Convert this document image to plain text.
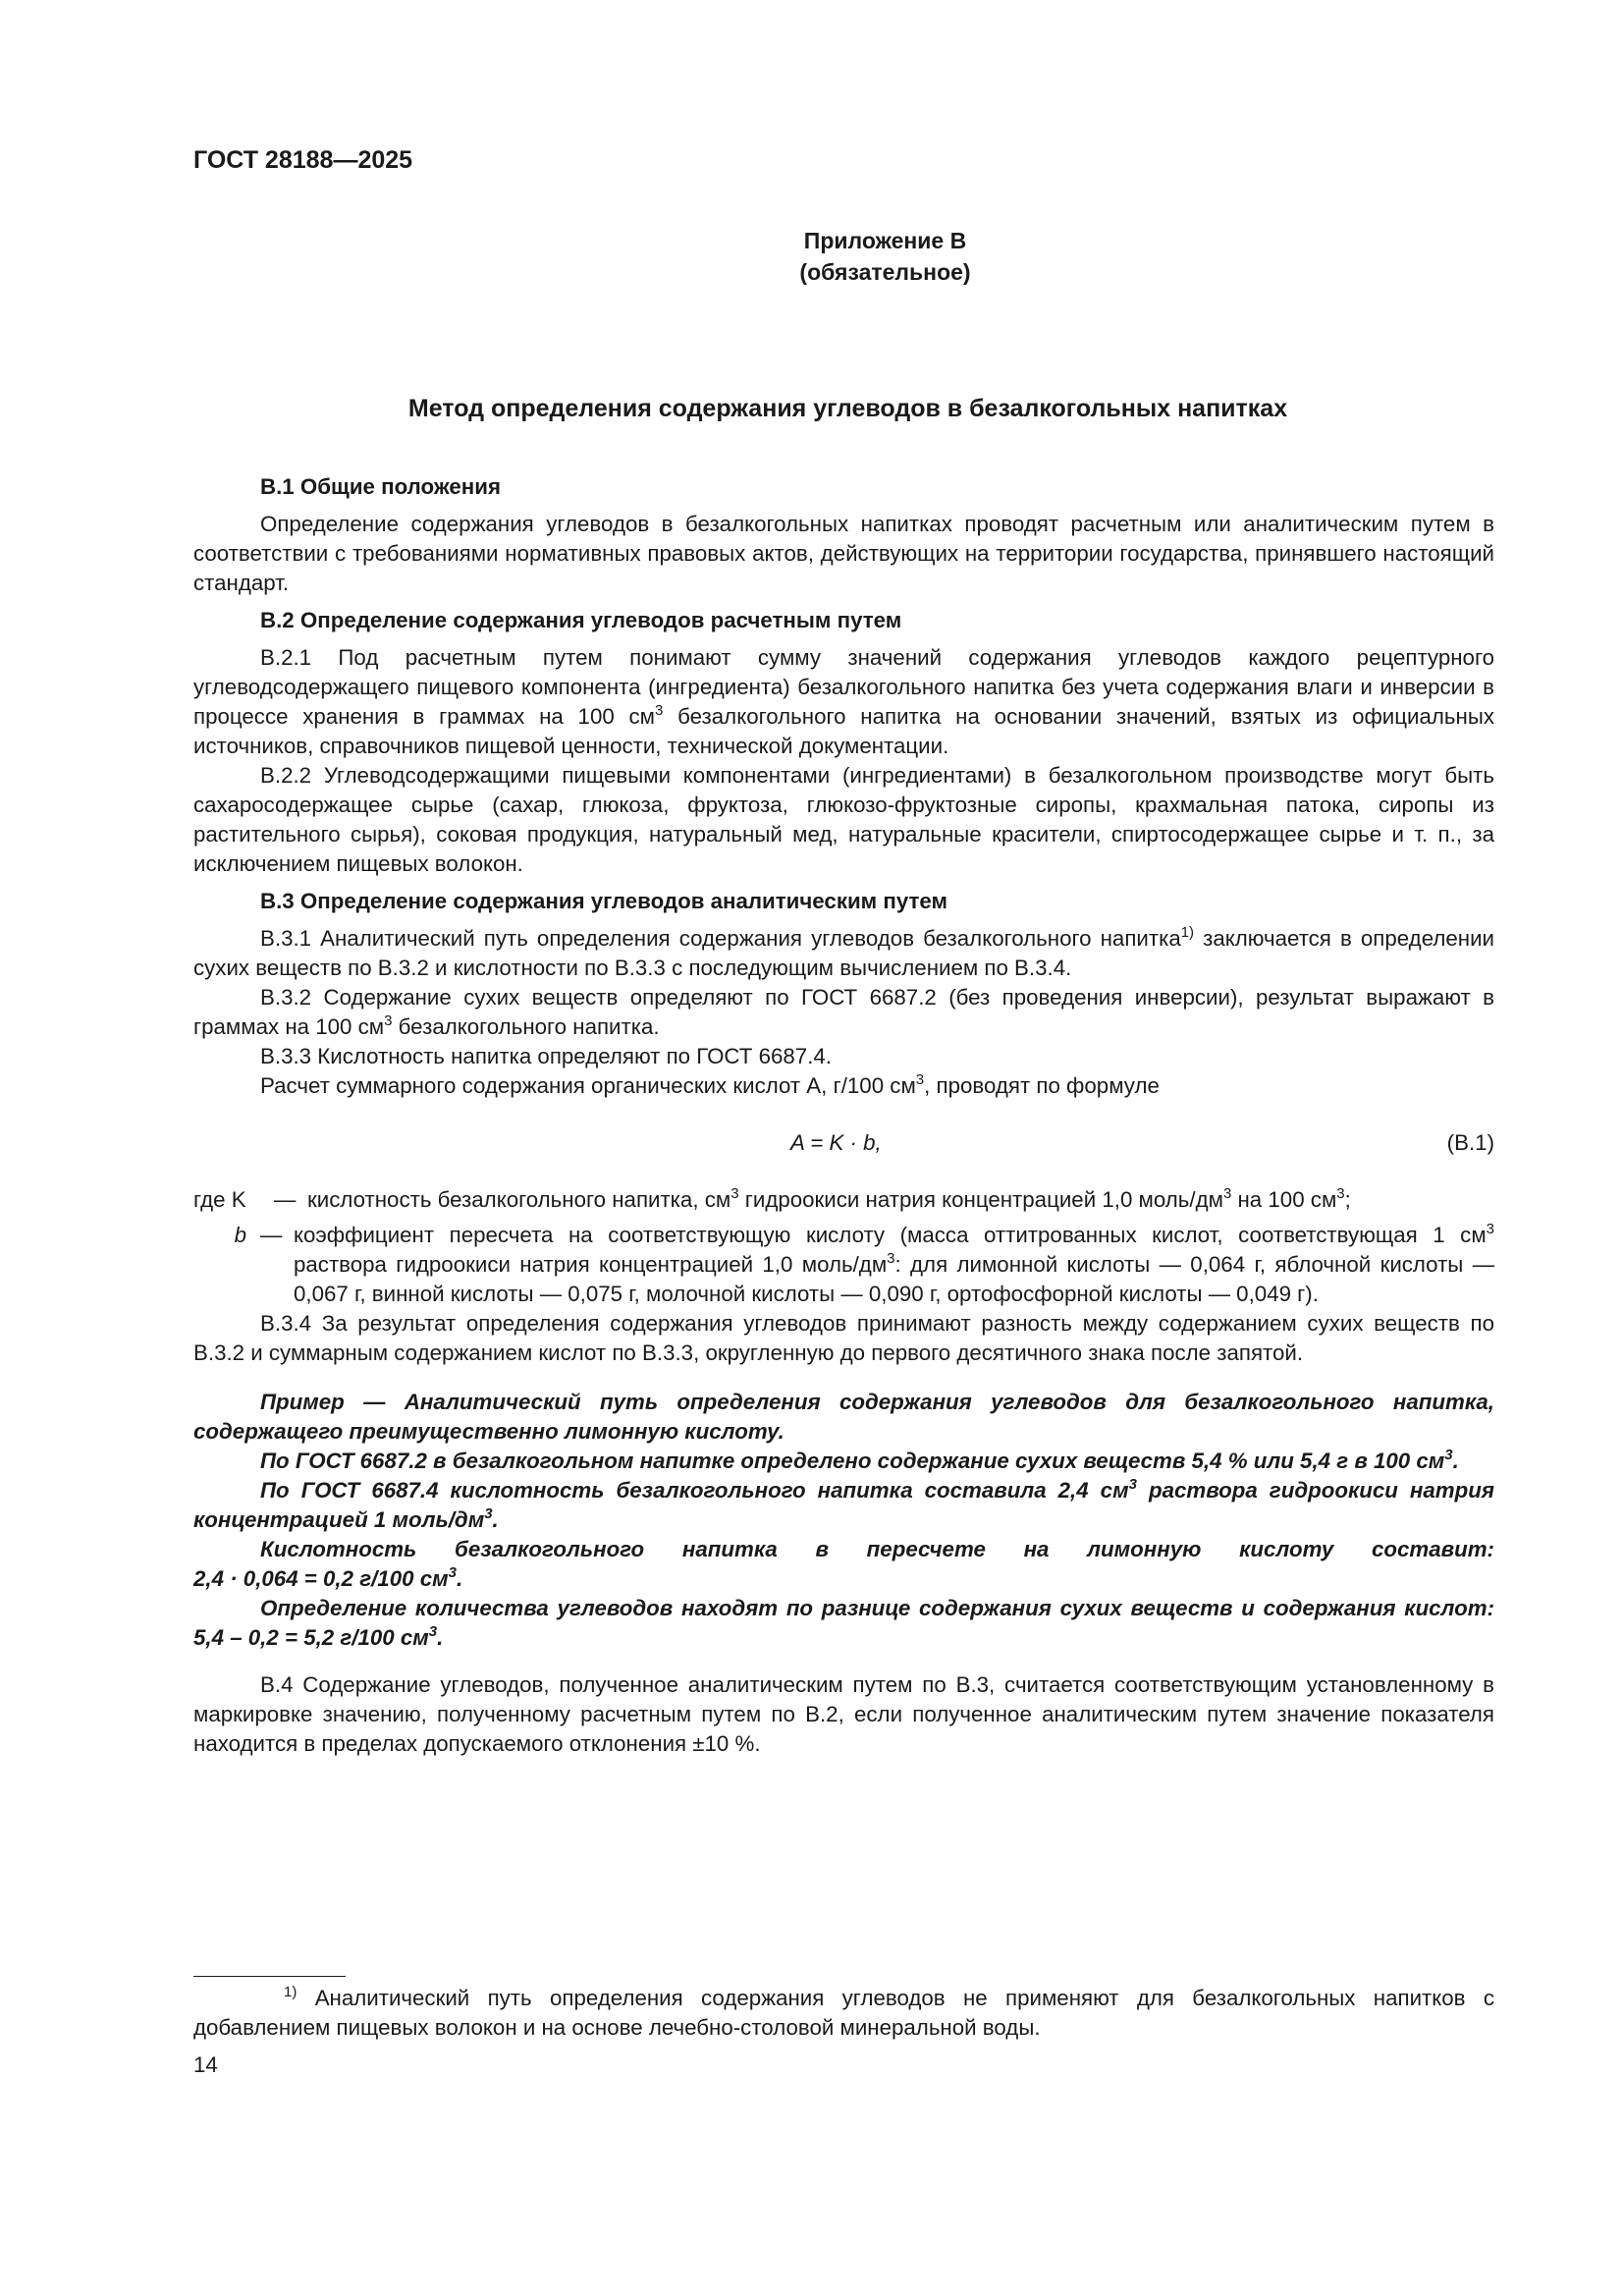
ГОСТ 28188—2025
Приложение В
(обязательное)
Метод определения содержания углеводов в безалкогольных напитках

В.1 Общие положения

Определение содержания углеводов в безалкогольных напитках проводят расчетным или аналитическим путем в соответствии с требованиями нормативных правовых актов, действующих на территории государства, принявшего настоящий стандарт.

В.2 Определение содержания углеводов расчетным путем

В.2.1 Под расчетным путем понимают сумму значений содержания углеводов каждого рецептурного углеводсодержащего пищевого компонента (ингредиента) безалкогольного напитка без учета содержания влаги и инверсии в процессе хранения в граммах на 100 $см^3$ безалкогольного напитка на основании значений, взятых из официальных источников, справочников пищевой ценности, технической документации.

В.2.2 Углеводсодержащими пищевыми компонентами (ингредиентами) в безалкогольном производстве могут быть сахаросодержащее сырье (сахар, глюкоза, фруктоза, глюкозо-фруктозные сиропы, крахмальная патока, сиропы из растительного сырья), соковая продукция, натуральный мед, натуральные красители, спиртосодержащее сырье и т. п., за исключением пищевых волокон.

В.3 Определение содержания углеводов аналитическим путем

В.3.1 Аналитический путь определения содержания углеводов безалкогольного напитка$^{1)}$ заключается в определении сухих веществ по В.3.2 и кислотности по В.3.3 с последующим вычислением по В.3.4.

В.3.2 Содержание сухих веществ определяют по ГОСТ 6687.2 (без проведения инверсии), результат выражают в граммах на 100 $см^3$ безалкогольного напитка.

В.3.3 Кислотность напитка определяют по ГОСТ 6687.4.

Расчет суммарного содержания органических кислот А, г/100 $см^3$, проводят по формуле

A = K · b,	(В.1)
где K	— кислотность безалкогольного напитка, $см^3$ гидроокиси натрия концентрацией 1,0 моль/$дм^3$ на 100 $см^3$;
b — коэффициент пересчета на соответствующую кислоту (масса оттитрованных кислот, соответствующая 1 $см^3$ раствора гидроокиси натрия концентрацией 1,0 моль/$дм^3$: для лимонной кислоты — 0,064 г, яблочной кислоты — 0,067 г, винной кислоты — 0,075 г, молочной кислоты — 0,090 г, ортофосфорной кислоты — 0,049 г).

В.3.4 За результат определения содержания углеводов принимают разность между содержанием сухих веществ по В.3.2 и суммарным содержанием кислот по В.3.3, округленную до первого десятичного знака после запятой.

Пример — Аналитический путь определения содержания углеводов для безалкогольного напитка, содержащего преимущественно лимонную кислоту.

По ГОСТ 6687.2 в безалкогольном напитке определено содержание сухих веществ 5,4 % или 5,4 г в 100 $см^3$.

По ГОСТ 6687.4 кислотность безалкогольного напитка составила 2,4 $см^3$ раствора гидроокиси натрия концентрацией 1 моль/$дм^3$.

Кислотность безалкогольного напитка в пересчете на лимонную кислоту составит:

2,4 · 0,064 = 0,2 г/100 $см^3$.

Определение количества углеводов находят по разнице содержания сухих веществ и содержания кислот: 5,4 – 0,2 = 5,2 г/100 $см^3$.

В.4 Содержание углеводов, полученное аналитическим путем по В.3, считается соответствующим установленному в маркировке значению, полученному расчетным путем по В.2, если полученное аналитическим путем значение показателя находится в пределах допускаемого отклонения ±10 %.

$^{1)}$ Аналитический путь определения содержания углеводов не применяют для безалкогольных напитков с добавлением пищевых волокон и на основе лечебно-столовой минеральной воды.
14
